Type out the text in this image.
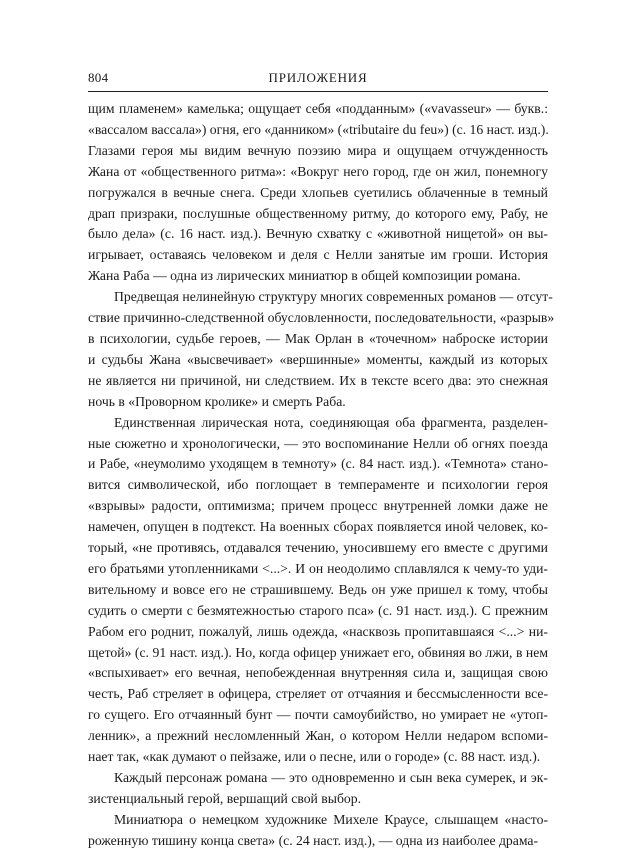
804	ПРИЛОЖЕНИЯ

щим пламенем» камелька; ощущает себя «подданным» («vavasseur» — букв.:
«вассалом вассала») огня, его «данником» («tributaire du feu») (с. 16 наст. изд.).
Глазами героя мы видим вечную поэзию мира и ощущаем отчужденность
Жана от «общественного ритма»: «Вокруг него город, где он жил, понемногу
погружался в вечные снега. Среди хлопьев суетились облаченные в темный
драп призраки, послушные общественному ритму, до которого ему, Рабу, не
было дела» (с. 16 наст. изд.). Вечную схватку с «животной нищетой» он вы-
игрывает, оставаясь человеком и деля с Нелли занятые им гроши. История
Жана Раба — одна из лирических миниатюр в общей композиции романа.

Предвещая нелинейную структуру многих современных романов — отсут-
ствие причинно-следственной обусловленности, последовательности, «разрыв»
в психологии, судьбе героев, — Мак Орлан в «точечном» наброске истории
и судьбы Жана «высвечивает» «вершинные» моменты, каждый из которых
не является ни причиной, ни следствием. Их в тексте всего два: это снежная
ночь в «Проворном кролике» и смерть Раба.

Единственная лирическая нота, соединяющая оба фрагмента, разделен-
ные сюжетно и хронологически, — это воспоминание Нелли об огнях поезда
и Рабе, «неумолимо уходящем в темноту» (с. 84 наст. изд.). «Темнота» стано-
вится символической, ибо поглощает в темпераменте и психологии героя
«взрывы» радости, оптимизма; причем процесс внутренней ломки даже не
намечен, опущен в подтекст. На военных сборах появляется иной человек, ко-
торый, «не противясь, отдавался течению, уносившему его вместе с другими
его братьями утопленниками <...>. И он неодолимо сплавлялся к чему-то уди-
вительному и вовсе его не страшившему. Ведь он уже пришел к тому, чтобы
судить о смерти с безмятежностью старого пса» (с. 91 наст. изд.). С прежним
Рабом его роднит, пожалуй, лишь одежда, «насквозь пропитавшаяся <...> ни-
щетой» (с. 91 наст. изд.). Но, когда офицер унижает его, обвиняя во лжи, в нем
«вспыхивает» его вечная, непобежденная внутренняя сила и, защищая свою
честь, Раб стреляет в офицера, стреляет от отчаяния и бессмысленности все-
го сущего. Его отчаянный бунт — почти самоубийство, но умирает не «утоп-
ленник», а прежний несломленный Жан, о котором Нелли недаром вспоми-
нает так, «как думают о пейзаже, или о песне, или о городе» (с. 88 наст. изд.).

Каждый персонаж романа — это одновременно и сын века сумерек, и эк-
зистенциальный герой, вершащий свой выбор.

Миниатюра о немецком художнике Михеле Краусе, слышащем «насто-
роженную тишину конца света» (с. 24 наст. изд.), — одна из наиболее драма-
